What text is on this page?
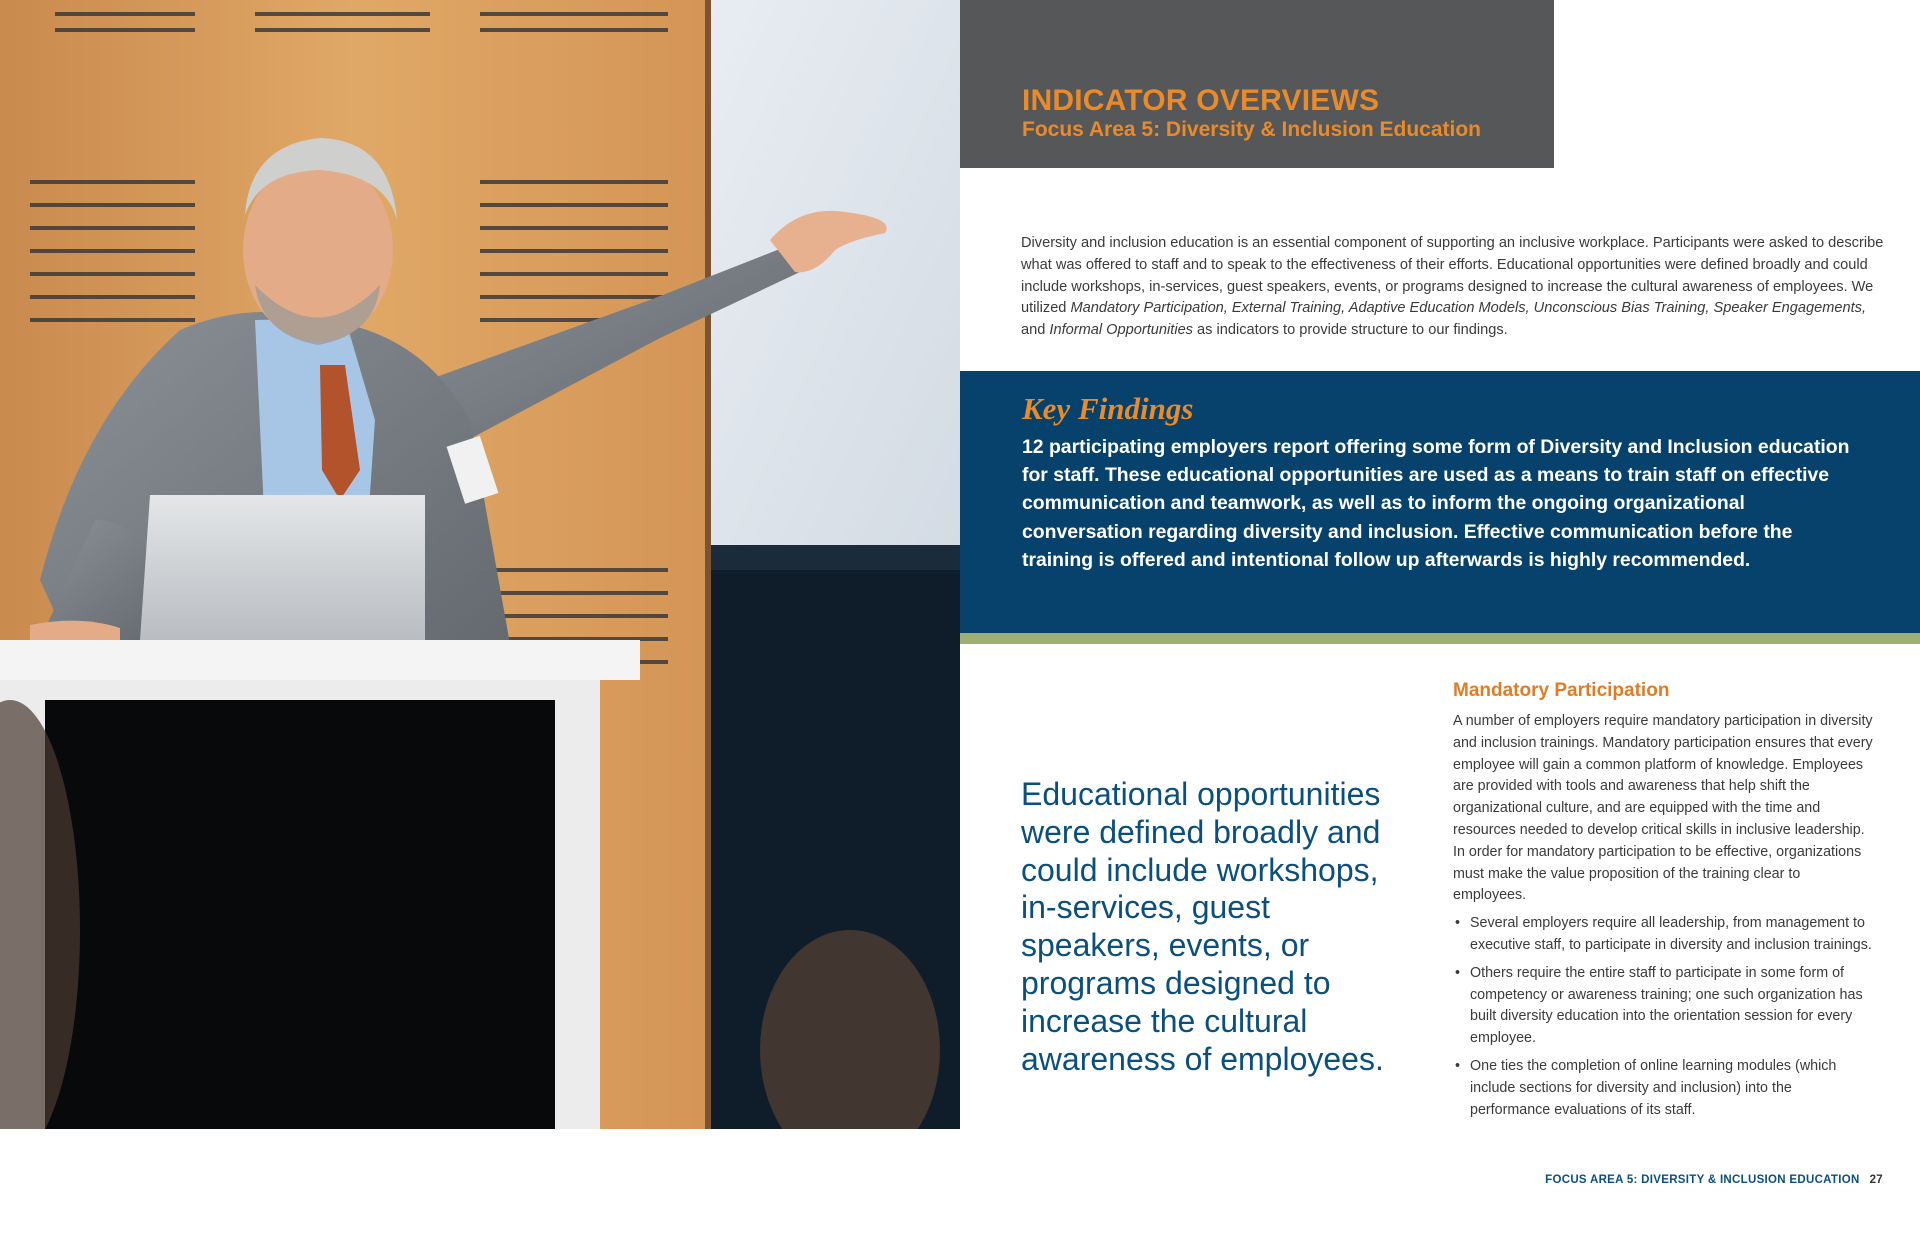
INDICATOR OVERVIEWS
Focus Area 5: Diversity & Inclusion Education
Diversity and inclusion education is an essential component of supporting an inclusive workplace. Participants were asked to describe what was offered to staff and to speak to the effectiveness of their efforts. Educational opportunities were defined broadly and could include workshops, in-services, guest speakers, events, or programs designed to increase the cultural awareness of employees. We utilized Mandatory Participation, External Training, Adaptive Education Models, Unconscious Bias Training, Speaker Engagements, and Informal Opportunities as indicators to provide structure to our findings.
Key Findings
12 participating employers report offering some form of Diversity and Inclusion education for staff. These educational opportunities are used as a means to train staff on effective communication and teamwork, as well as to inform the ongoing organizational conversation regarding diversity and inclusion. Effective communication before the training is offered and intentional follow up afterwards is highly recommended.
Educational opportunities were defined broadly and could include workshops, in-services, guest speakers, events, or programs designed to increase the cultural awareness of employees.
Mandatory Participation
A number of employers require mandatory participation in diversity and inclusion trainings. Mandatory participation ensures that every employee will gain a common platform of knowledge. Employees are provided with tools and awareness that help shift the organizational culture, and are equipped with the time and resources needed to develop critical skills in inclusive leadership. In order for mandatory participation to be effective, organizations must make the value proposition of the training clear to employees.
• Several employers require all leadership, from management to executive staff, to participate in diversity and inclusion trainings.
• Others require the entire staff to participate in some form of competency or awareness training; one such organization has built diversity education into the orientation session for every employee.
• One ties the completion of online learning modules (which include sections for diversity and inclusion) into the performance evaluations of its staff.
FOCUS AREA 5: DIVERSITY & INCLUSION EDUCATION 27
